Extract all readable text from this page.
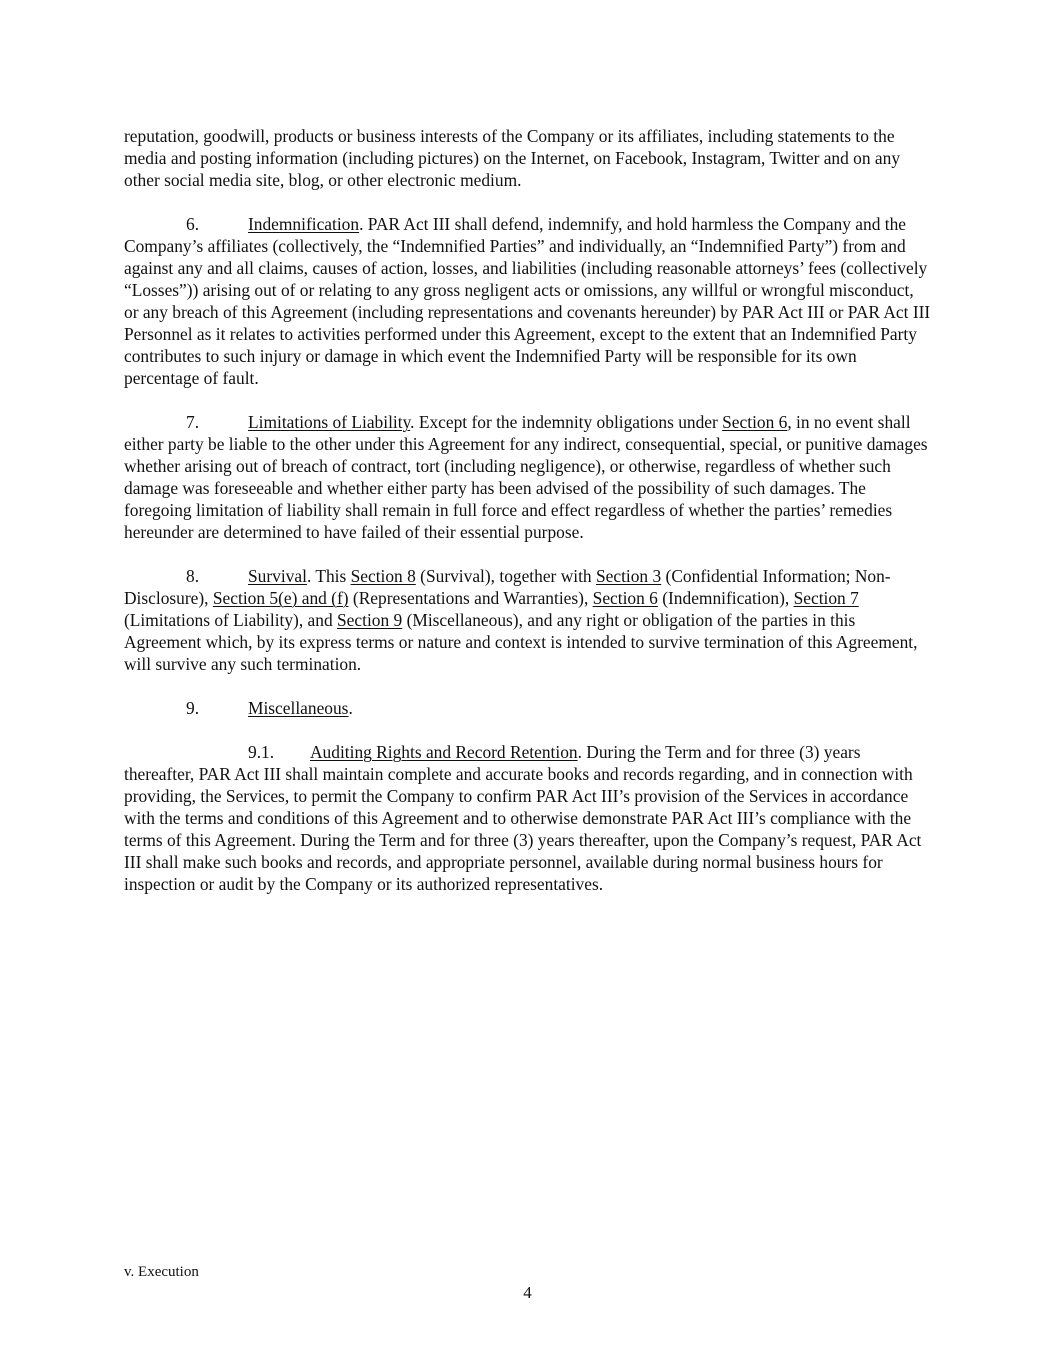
reputation, goodwill, products or business interests of the Company or its affiliates, including statements to the media and posting information (including pictures) on the Internet, on Facebook, Instagram, Twitter and on any other social media site, blog, or other electronic medium.

6.	Indemnification. PAR Act III shall defend, indemnify, and hold harmless the Company and the Company’s affiliates (collectively, the “Indemnified Parties” and individually, an “Indemnified Party”) from and against any and all claims, causes of action, losses, and liabilities (including reasonable attorneys’ fees (collectively “Losses”)) arising out of or relating to any gross negligent acts or omissions, any willful or wrongful misconduct, or any breach of this Agreement (including representations and covenants hereunder) by PAR Act III or PAR Act III Personnel as it relates to activities performed under this Agreement, except to the extent that an Indemnified Party contributes to such injury or damage in which event the Indemnified Party will be responsible for its own percentage of fault.

7.	Limitations of Liability. Except for the indemnity obligations under Section 6, in no event shall either party be liable to the other under this Agreement for any indirect, consequential, special, or punitive damages whether arising out of breach of contract, tort (including negligence), or otherwise, regardless of whether such damage was foreseeable and whether either party has been advised of the possibility of such damages. The foregoing limitation of liability shall remain in full force and effect regardless of whether the parties’ remedies hereunder are determined to have failed of their essential purpose.

8.	Survival. This Section 8 (Survival), together with Section 3 (Confidential Information; Non-Disclosure), Section 5(e) and (f) (Representations and Warranties), Section 6 (Indemnification), Section 7 (Limitations of Liability), and Section 9 (Miscellaneous), and any right or obligation of the parties in this Agreement which, by its express terms or nature and context is intended to survive termination of this Agreement, will survive any such termination.

9.	Miscellaneous.

9.1. Auditing Rights and Record Retention. During the Term and for three (3) years thereafter, PAR Act III shall maintain complete and accurate books and records regarding, and in connection with providing, the Services, to permit the Company to confirm PAR Act III’s provision of the Services in accordance with the terms and conditions of this Agreement and to otherwise demonstrate PAR Act III’s compliance with the terms of this Agreement. During the Term and for three (3) years thereafter, upon the Company’s request, PAR Act III shall make such books and records, and appropriate personnel, available during normal business hours for inspection or audit by the Company or its authorized representatives.

v. Execution
4
